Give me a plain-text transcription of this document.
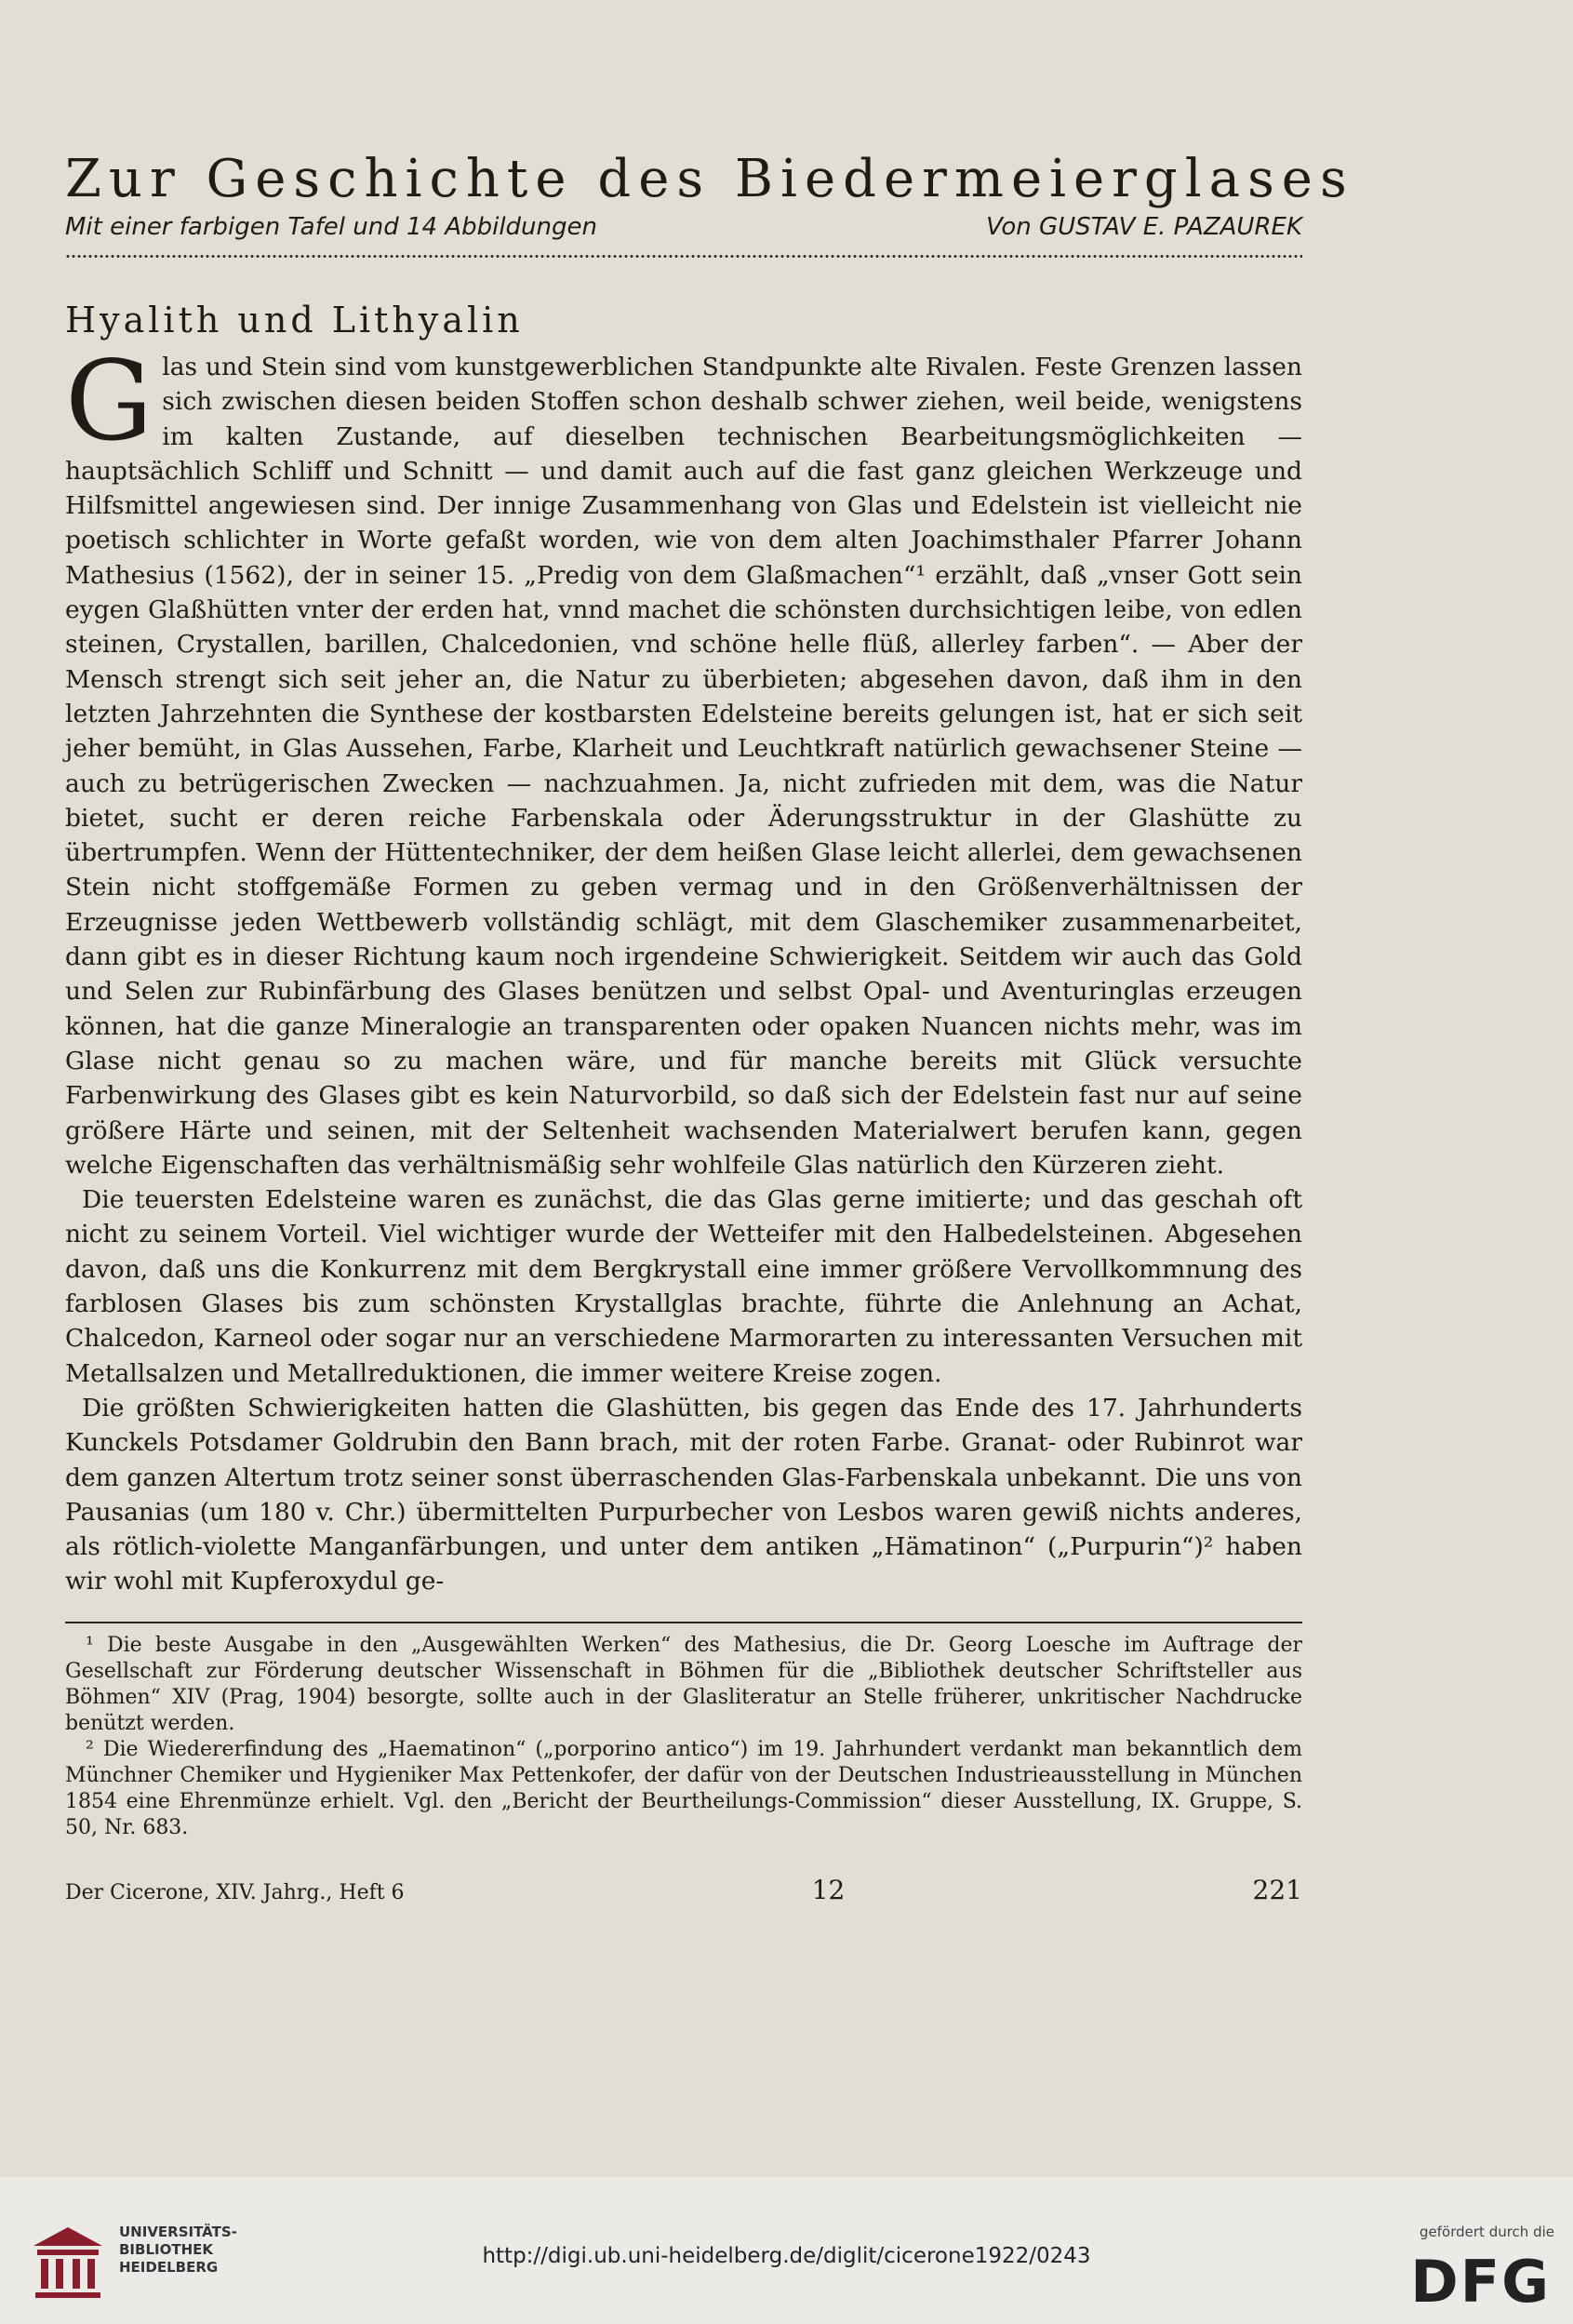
Zur Geschichte des Biedermeierglases
Mit einer farbigen Tafel und 14 Abbildungen	Von GUSTAV E. PAZAUREK
Hyalith und Lithyalin

Glas und Stein sind vom kunstgewerblichen Standpunkte alte Rivalen. Feste Grenzen lassen sich zwischen diesen beiden Stoffen schon deshalb schwer ziehen, weil beide, wenigstens im kalten Zustande, auf dieselben technischen Bearbeitungsmöglichkeiten — hauptsächlich Schliff und Schnitt — und damit auch auf die fast ganz gleichen Werkzeuge und Hilfsmittel angewiesen sind. Der innige Zusammenhang von Glas und Edelstein ist vielleicht nie poetisch schlichter in Worte gefaßt worden, wie von dem alten Joachimsthaler Pfarrer Johann Mathesius (1562), der in seiner 15. „Predig von dem Glaßmachen“¹ erzählt, daß „vnser Gott sein eygen Glaßhütten vnter der erden hat, vnnd machet die schönsten durchsichtigen leibe, von edlen steinen, Crystallen, barillen, Chalcedonien, vnd schöne helle flüß, allerley farben“. — Aber der Mensch strengt sich seit jeher an, die Natur zu überbieten; abgesehen davon, daß ihm in den letzten Jahrzehnten die Synthese der kostbarsten Edelsteine bereits gelungen ist, hat er sich seit jeher bemüht, in Glas Aussehen, Farbe, Klarheit und Leuchtkraft natürlich gewachsener Steine — auch zu betrügerischen Zwecken — nachzuahmen. Ja, nicht zufrieden mit dem, was die Natur bietet, sucht er deren reiche Farbenskala oder Äderungsstruktur in der Glashütte zu übertrumpfen. Wenn der Hüttentechniker, der dem heißen Glase leicht allerlei, dem gewachsenen Stein nicht stoffgemäße Formen zu geben vermag und in den Größenverhältnissen der Erzeugnisse jeden Wettbewerb vollständig schlägt, mit dem Glaschemiker zusammenarbeitet, dann gibt es in dieser Richtung kaum noch irgendeine Schwierigkeit. Seitdem wir auch das Gold und Selen zur Rubinfärbung des Glases benützen und selbst Opal- und Aventuringlas erzeugen können, hat die ganze Mineralogie an transparenten oder opaken Nuancen nichts mehr, was im Glase nicht genau so zu machen wäre, und für manche bereits mit Glück versuchte Farbenwirkung des Glases gibt es kein Naturvorbild, so daß sich der Edelstein fast nur auf seine größere Härte und seinen, mit der Seltenheit wachsenden Materialwert berufen kann, gegen welche Eigenschaften das verhältnismäßig sehr wohlfeile Glas natürlich den Kürzeren zieht.

Die teuersten Edelsteine waren es zunächst, die das Glas gerne imitierte; und das geschah oft nicht zu seinem Vorteil. Viel wichtiger wurde der Wetteifer mit den Halbedelsteinen. Abgesehen davon, daß uns die Konkurrenz mit dem Bergkrystall eine immer größere Vervollkommnung des farblosen Glases bis zum schönsten Krystallglas brachte, führte die Anlehnung an Achat, Chalcedon, Karneol oder sogar nur an verschiedene Marmorarten zu interessanten Versuchen mit Metallsalzen und Metallreduktionen, die immer weitere Kreise zogen.

Die größten Schwierigkeiten hatten die Glashütten, bis gegen das Ende des 17. Jahrhunderts Kunckels Potsdamer Goldrubin den Bann brach, mit der roten Farbe. Granat- oder Rubinrot war dem ganzen Altertum trotz seiner sonst überraschenden Glas-Farbenskala unbekannt. Die uns von Pausanias (um 180 v. Chr.) übermittelten Purpurbecher von Lesbos waren gewiß nichts anderes, als rötlich-violette Manganfärbungen, und unter dem antiken „Hämatinon“ („Purpurin“)² haben wir wohl mit Kupferoxydul ge-

¹ Die beste Ausgabe in den „Ausgewählten Werken“ des Mathesius, die Dr. Georg Loesche im Auftrage der Gesellschaft zur Förderung deutscher Wissenschaft in Böhmen für die „Bibliothek deutscher Schriftsteller aus Böhmen“ XIV (Prag, 1904) besorgte, sollte auch in der Glasliteratur an Stelle früherer, unkritischer Nachdrucke benützt werden.

² Die Wiedererfindung des „Haematinon“ („porporino antico“) im 19. Jahrhundert verdankt man bekanntlich dem Münchner Chemiker und Hygieniker Max Pettenkofer, der dafür von der Deutschen Industrieausstellung in München 1854 eine Ehrenmünze erhielt. Vgl. den „Bericht der Beurtheilungs-Commission“ dieser Ausstellung, IX. Gruppe, S. 50, Nr. 683.

Der Cicerone, XIV. Jahrg., Heft 6	12	221
UNIVERSITÄTS-
BIBLIOTHEK
HEIDELBERG	http://digi.ub.uni-heidelberg.de/diglit/cicerone1922/0243
gefördert durch die
DFG
